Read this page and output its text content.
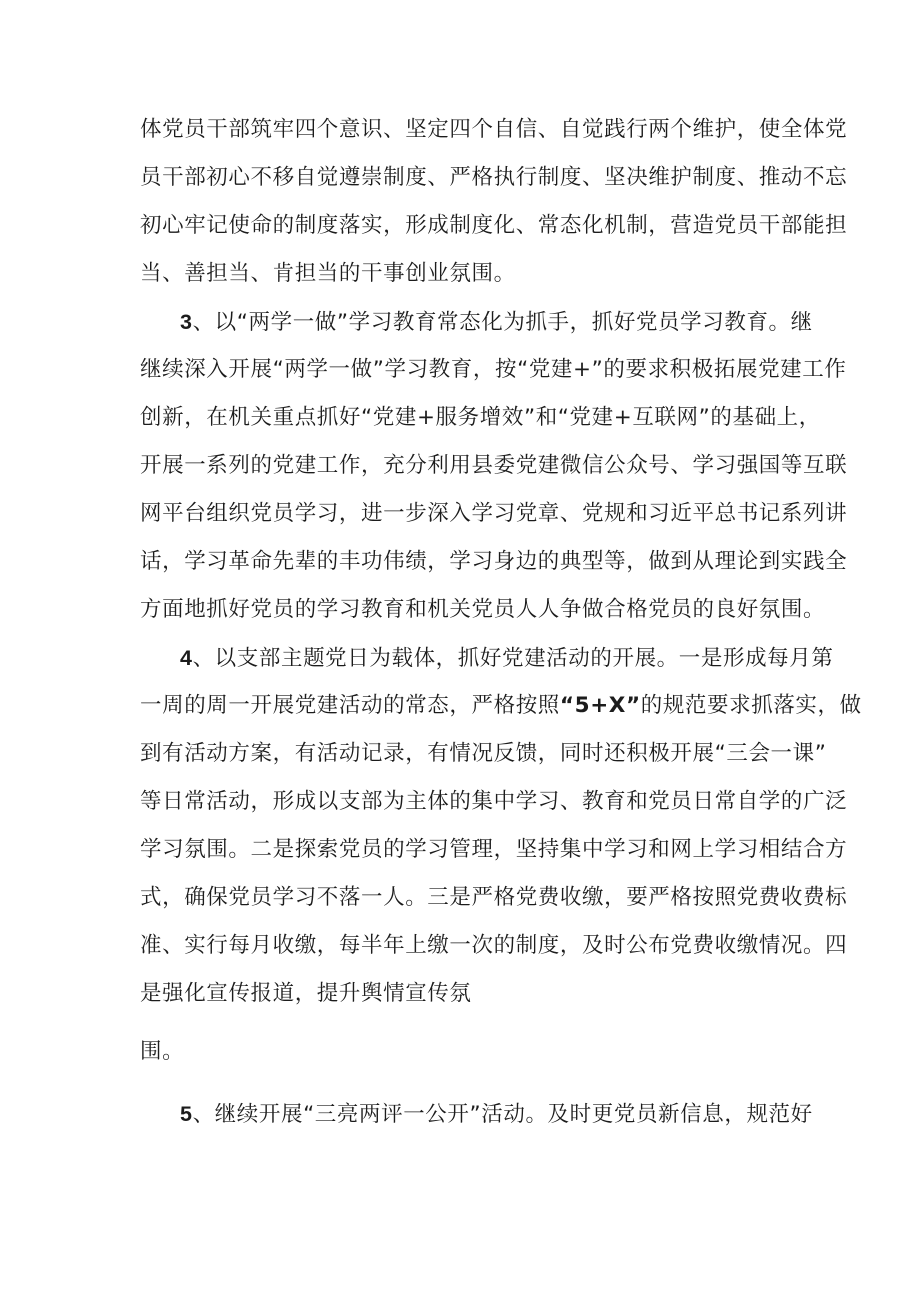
体党员干部筑牢四个意识、坚定四个自信、自觉践行两个维护，使全体党
员干部初心不移自觉遵崇制度、严格执行制度、坚决维护制度、推动不忘
初心牢记使命的制度落实，形成制度化、常态化机制，营造党员干部能担
当、善担当、肯担当的干事创业氛围。
3、以“两学一做”学习教育常态化为抓手，抓好党员学习教育。继
继续深入开展“两学一做”学习教育，按“党建+”的要求积极拓展党建工作
创新，在机关重点抓好“党建+服务增效”和“党建+互联网”的基础上，
开展一系列的党建工作，充分利用县委党建微信公众号、学习强国等互联
网平台组织党员学习，进一步深入学习党章、党规和习近平总书记系列讲
话，学习革命先辈的丰功伟绩，学习身边的典型等，做到从理论到实践全
方面地抓好党员的学习教育和机关党员人人争做合格党员的良好氛围。
4、以支部主题党日为载体，抓好党建活动的开展。一是形成每月第
一周的周一开展党建活动的常态，严格按照“5+X”的规范要求抓落实，做
到有活动方案，有活动记录，有情况反馈，同时还积极开展“三会一课”
等日常活动，形成以支部为主体的集中学习、教育和党员日常自学的广泛
学习氛围。二是探索党员的学习管理，坚持集中学习和网上学习相结合方
式，确保党员学习不落一人。三是严格党费收缴，要严格按照党费收费标
准、实行每月收缴，每半年上缴一次的制度，及时公布党费收缴情况。四
是强化宣传报道，提升舆情宣传氛
围。
5、继续开展“三亮两评一公开”活动。及时更党员新信息，规范好
